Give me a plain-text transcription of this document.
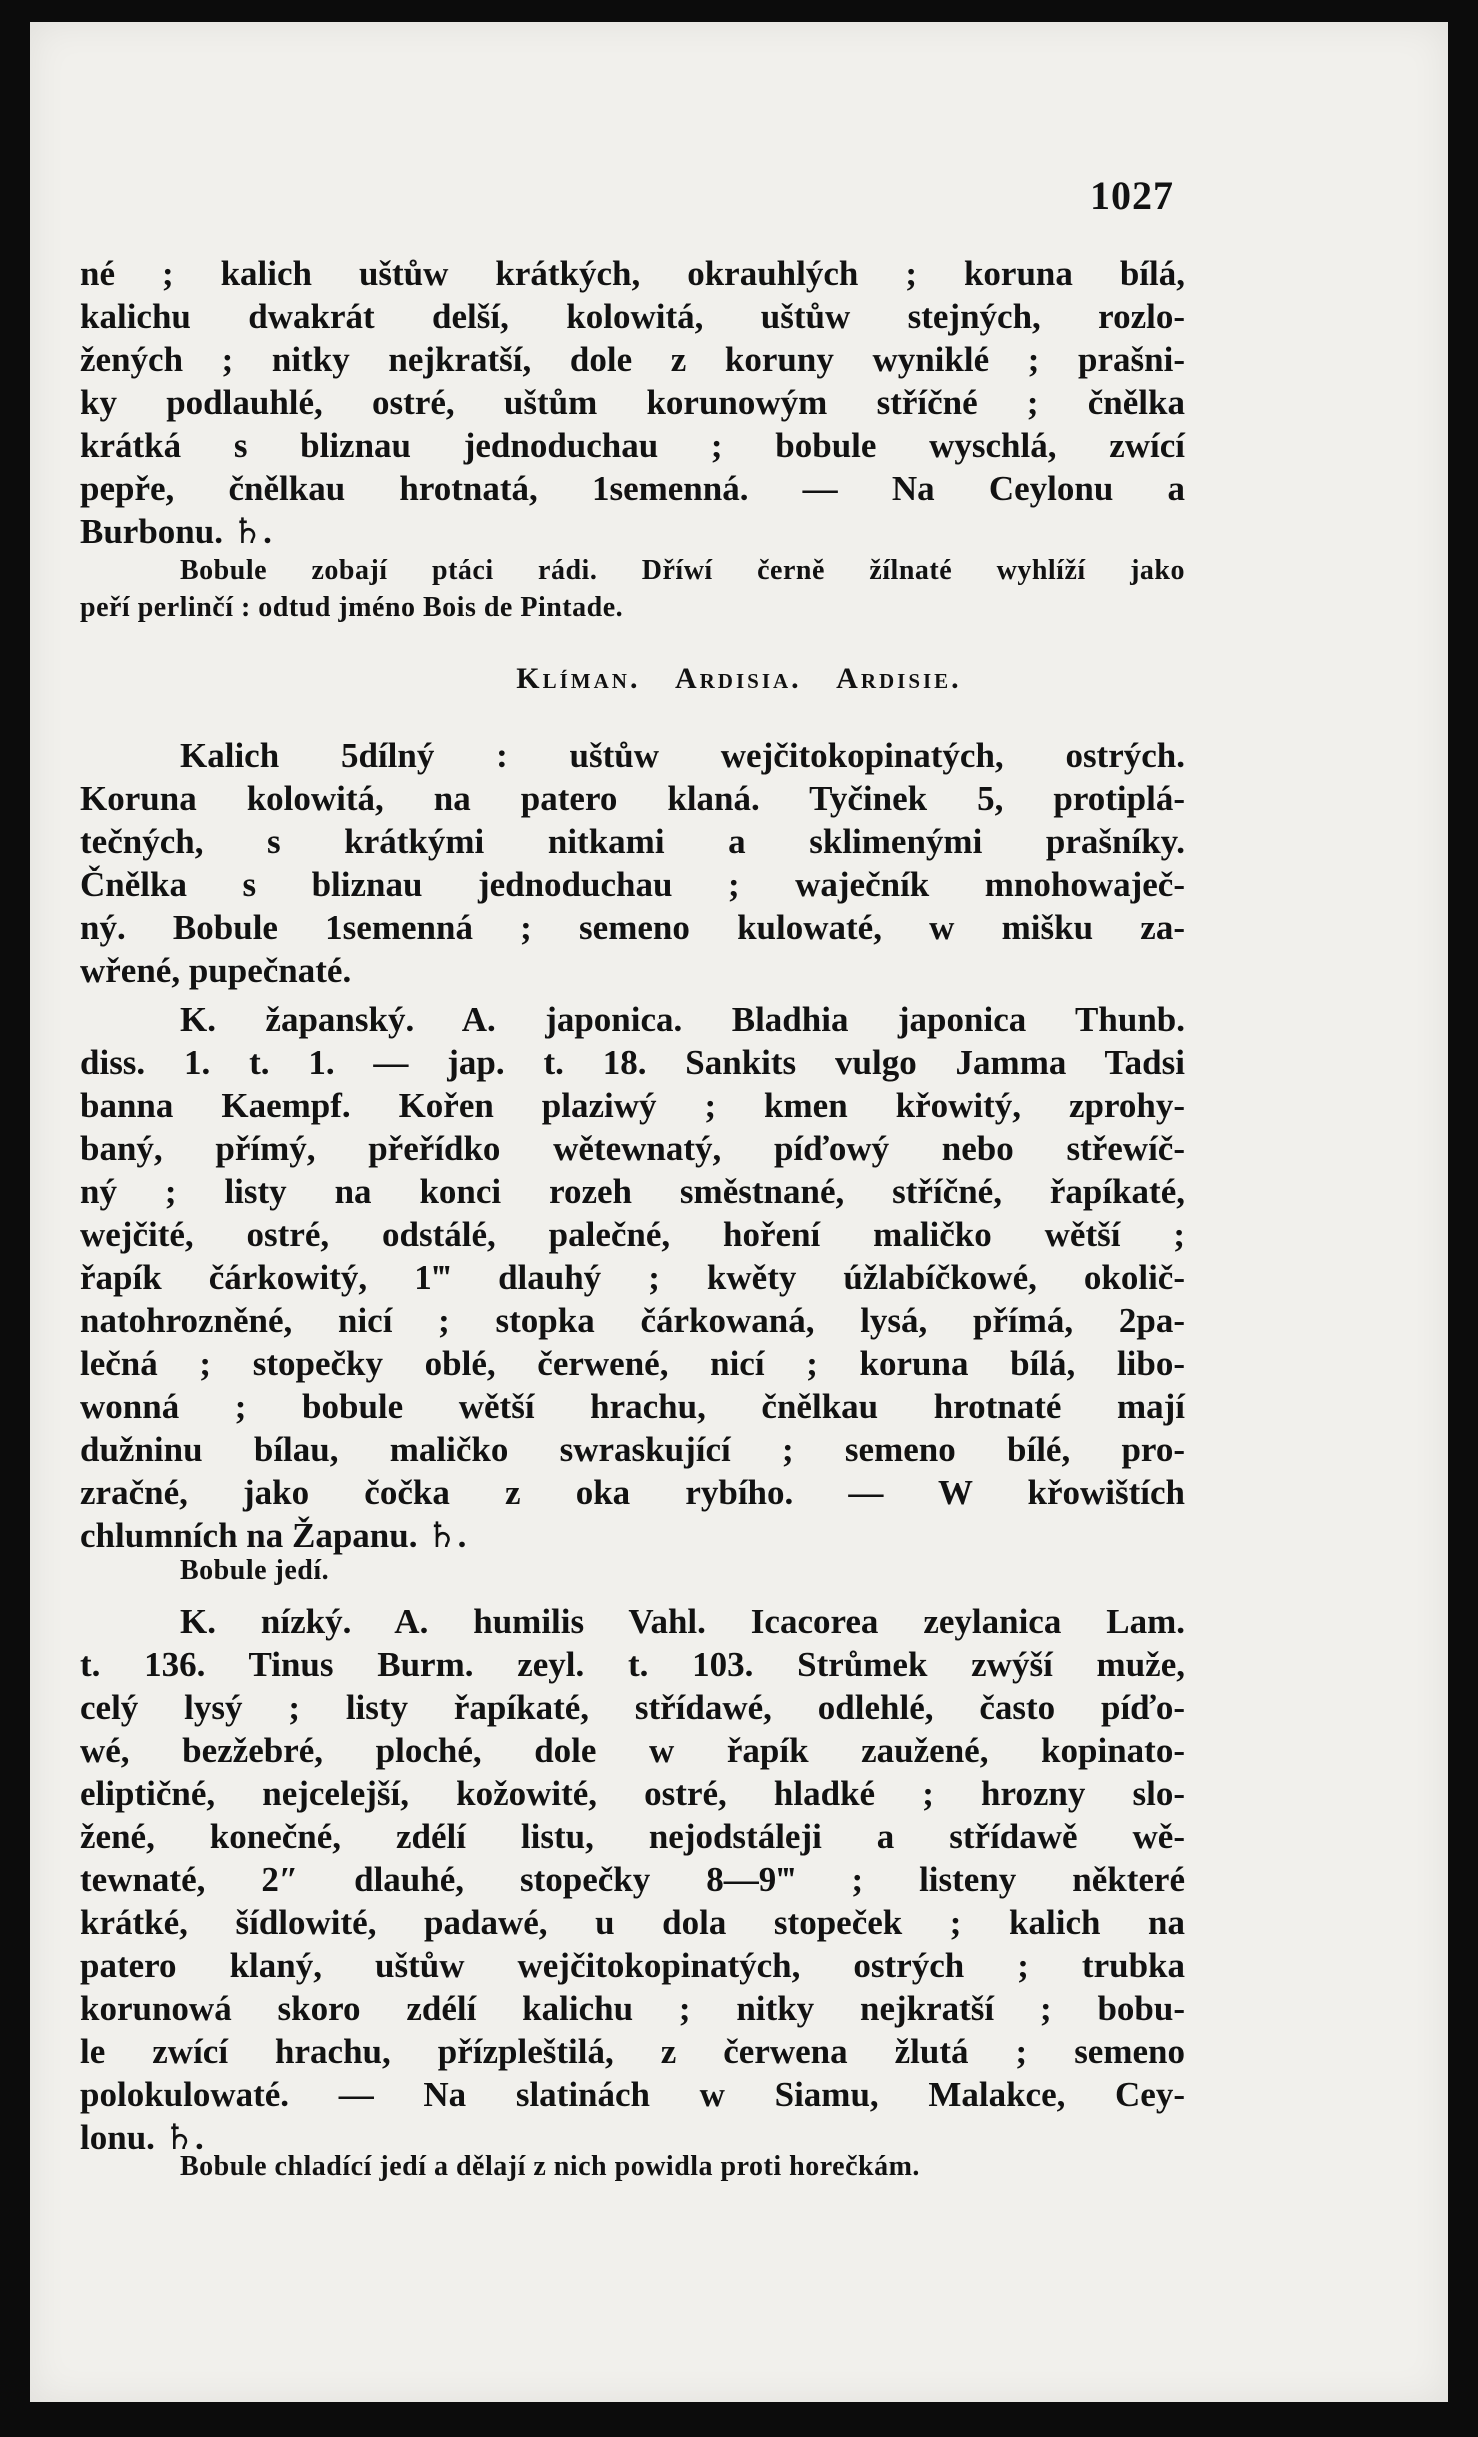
1027

né ; kalich uštůw krátkých, okrauhlých ; koruna bílá,

kalichu dwakrát delší, kolowitá, uštůw stejných, rozlo-

žených ; nitky nejkratší, dole z koruny wyniklé ; prašni-

ky podlauhlé, ostré, uštům korunowým stříčné ; čnělka

krátká s bliznau jednoduchau ; bobule wyschlá, zwící

pepře, čnělkau hrotnatá, 1semenná. — Na Ceylonu a

Burbonu. ♄.

Bobule zobají ptáci rádi. Dříwí černě žílnaté wyhlíží jako

peří perlinčí : odtud jméno Bois de Pintade.

Klíman. Ardisia. Ardisie.

Kalich 5dílný : uštůw wejčitokopinatých, ostrých.

Koruna kolowitá, na patero klaná. Tyčinek 5, protiplá-

tečných, s krátkými nitkami a sklimenými prašníky.

Čnělka s bliznau jednoduchau ; waječník mnohowaječ-

ný. Bobule 1semenná ; semeno kulowaté, w mišku za-

wřené, pupečnaté.

K. žapanský. A. japonica. Bladhia japonica Thunb.

diss. 1. t. 1. — jap. t. 18. Sankits vulgo Jamma Tadsi

banna Kaempf. Kořen plaziwý ; kmen křowitý, zprohy-

baný, přímý, přeřídko wětewnatý, píďowý nebo střewíč-

ný ; listy na konci rozeh směstnané, stříčné, řapíkaté,

wejčité, ostré, odstálé, palečné, hoření maličko wětší ;

řapík čárkowitý, 1‴ dlauhý ; kwěty úžlabíčkowé, okolič-

natohrozněné, nicí ; stopka čárkowaná, lysá, přímá, 2pa-

lečná ; stopečky oblé, čerwené, nicí ; koruna bílá, libo-

wonná ; bobule wětší hrachu, čnělkau hrotnaté mají

dužninu bílau, maličko swraskující ; semeno bílé, pro-

zračné, jako čočka z oka rybího. — W křowištích

chlumních na Žapanu. ♄.

Bobule jedí.

K. nízký. A. humilis Vahl. Icacorea zeylanica Lam.

t. 136. Tinus Burm. zeyl. t. 103. Strůmek zwýší muže,

celý lysý ; listy řapíkaté, střídawé, odlehlé, často píďo-

wé, bezžebré, ploché, dole w řapík zaužené, kopinato-

eliptičné, nejcelejší, kožowité, ostré, hladké ; hrozny slo-

žené, konečné, zdélí listu, nejodstáleji a střídawě wě-

tewnaté, 2″ dlauhé, stopečky 8—9‴ ; listeny některé

krátké, šídlowité, padawé, u dola stopeček ; kalich na

patero klaný, uštůw wejčitokopinatých, ostrých ; trubka

korunowá skoro zdélí kalichu ; nitky nejkratší ; bobu-

le zwící hrachu, přízpleštilá, z čerwena žlutá ; semeno

polokulowaté. — Na slatinách w Siamu, Malakce, Cey-

lonu. ♄.

Bobule chladící jedí a dělají z nich powidla proti horečkám.
